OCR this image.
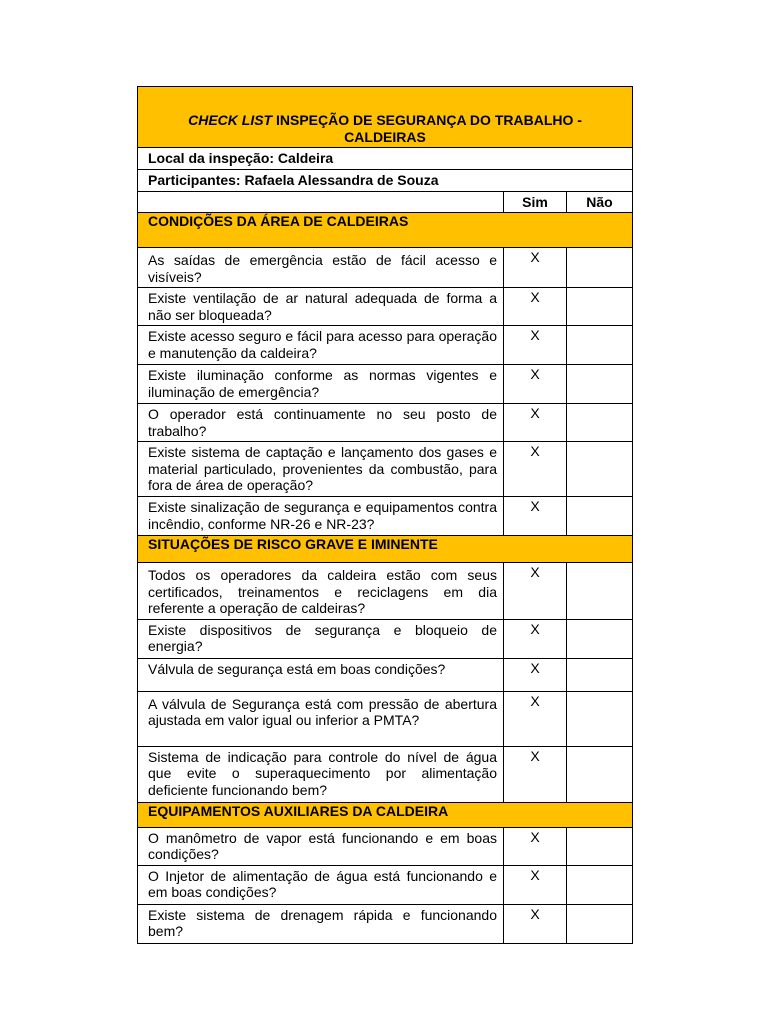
CHECK LIST INSPEÇÃO DE SEGURANÇA DO TRABALHO -
CALDEIRAS		

Local da inspeção: Caldeira		
Participantes: Rafaela Alessandra de Souza		
	Sim	Não
CONDIÇÕES DA ÁREA DE CALDEIRAS		
As saídas de emergência estão de fácil acesso e visíveis?	X	
Existe ventilação de ar natural adequada de forma a não ser bloqueada?	X	
Existe acesso seguro e fácil para acesso para operação e manutenção da caldeira?	X	
Existe iluminação conforme as normas vigentes e iluminação de emergência?	X	
O operador está continuamente no seu posto de trabalho?	X	
Existe sistema de captação e lançamento dos gases e material particulado, provenientes da combustão, para fora de área de operação?	X	
Existe sinalização de segurança e equipamentos contra incêndio, conforme NR-26 e NR-23?	X	
SITUAÇÕES DE RISCO GRAVE E IMINENTE		
Todos os operadores da caldeira estão com seus certificados, treinamentos e reciclagens em dia referente a operação de caldeiras?	X	
Existe dispositivos de segurança e bloqueio de energia?	X	
Válvula de segurança está em boas condições?	X	
A válvula de Segurança está com pressão de abertura ajustada em valor igual ou inferior a PMTA?	X	
Sistema de indicação para controle do nível de água que evite o superaquecimento por alimentação deficiente funcionando bem?	X	
EQUIPAMENTOS AUXILIARES DA CALDEIRA		
O manômetro de vapor está funcionando e em boas condições?	X	
O Injetor de alimentação de água está funcionando e em boas condições?	X	
Existe sistema de drenagem rápida e funcionando bem?	X	
